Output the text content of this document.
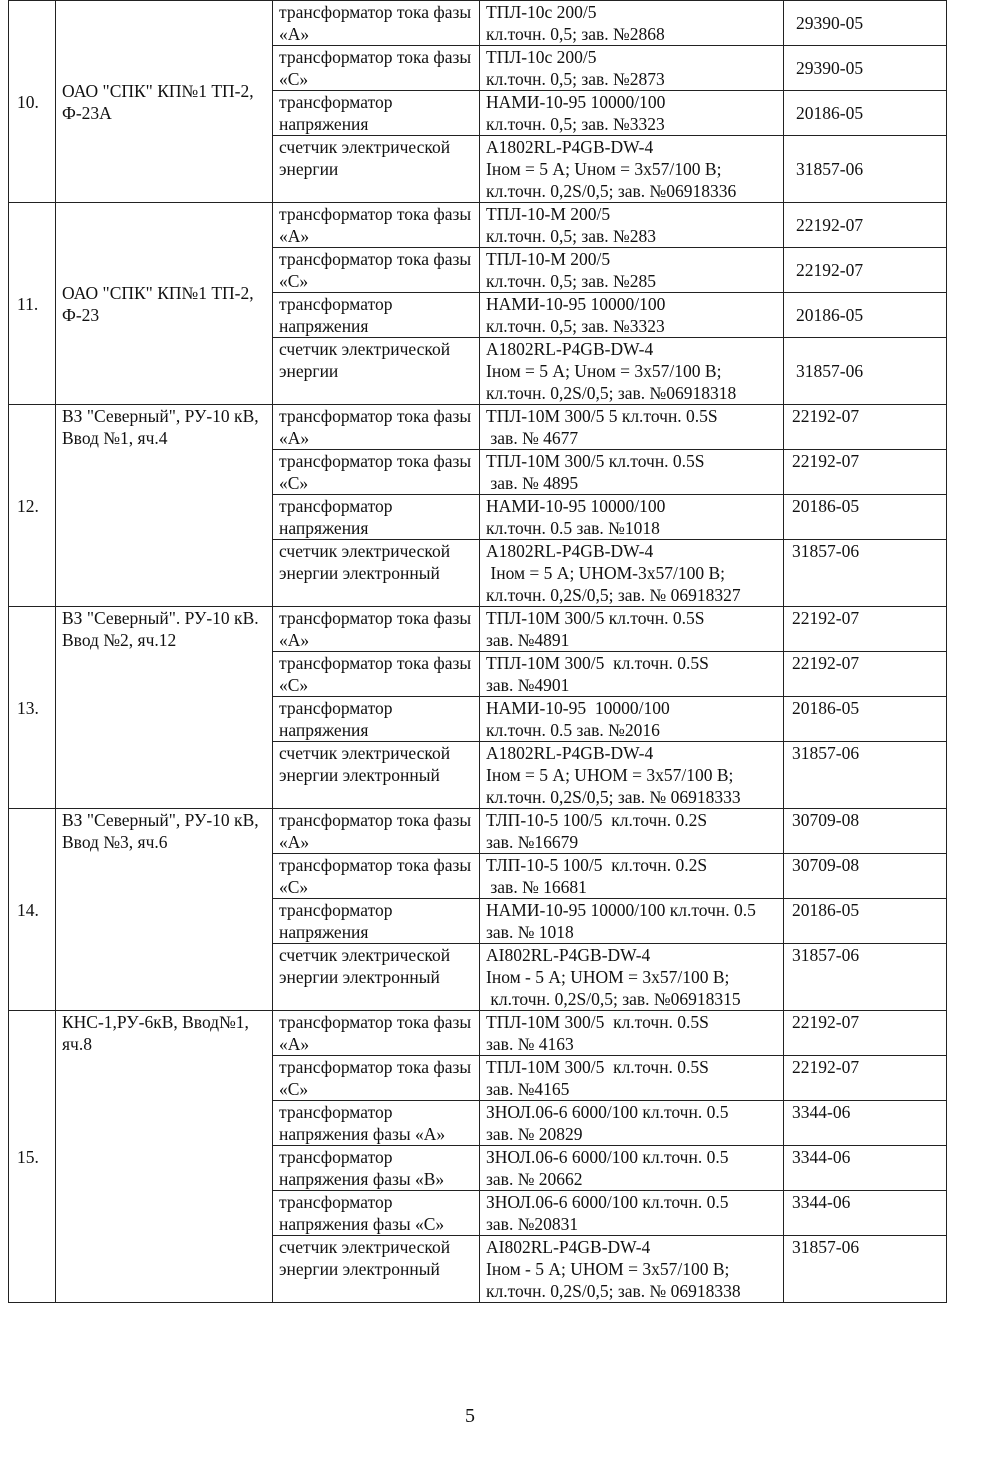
10.	ОАО "СПК" КП№1 ТП-2, Ф-23А	трансформатор тока фазы «А»	ТПЛ-10с 200/5
кл.точн. 0,5; зав. №2868	29390-05
		трансформатор тока фазы «С»	ТПЛ-10с 200/5
кл.точн. 0,5; зав. №2873	29390-05
		трансформатор напряжения	НАМИ-10-95 10000/100
кл.точн. 0,5; зав. №3323	20186-05
		счетчик электрической энергии	A1802RL-P4GB-DW-4
Iном = 5 А; Uном = 3x57/100 В;
кл.точн. 0,2S/0,5; зав. №06918336	31857-06
11.	ОАО "СПК" КП№1 ТП-2, Ф-23	трансформатор тока фазы «А»	ТПЛ-10-М 200/5
кл.точн. 0,5; зав. №283	22192-07
		трансформатор тока фазы «С»	ТПЛ-10-М 200/5
кл.точн. 0,5; зав. №285	22192-07
		трансформатор напряжения	НАМИ-10-95 10000/100
кл.точн. 0,5; зав. №3323	20186-05
		счетчик электрической энергии	A1802RL-P4GB-DW-4
Iном = 5 А; Uном = 3x57/100 В;
кл.точн. 0,2S/0,5; зав. №06918318	31857-06
12.	ВЗ "Северный", РУ-10 кВ, Ввод №1, яч.4	трансформатор тока фазы «А»	ТПЛ-10М 300/5 5 кл.точн. 0.5S
зав. № 4677	22192-07
		трансформатор тока фазы «С»	ТПЛ-10М 300/5 кл.точн. 0.5S
зав. № 4895	22192-07
		трансформатор напряжения	НАМИ-10-95 10000/100
кл.точн. 0.5 зав. №1018	20186-05
		счетчик электрической энергии электронный	A1802RL-P4GB-DW-4
Iном = 5 А; UНОМ-3x57/100 В;
кл.точн. 0,2S/0,5; зав. № 06918327	31857-06
13.	ВЗ "Северный". РУ-10 кВ. Ввод №2, яч.12	трансформатор тока фазы «А»	ТПЛ-10М 300/5 кл.точн. 0.5S
зав. №4891	22192-07
		трансформатор тока фазы «С»	ТПЛ-10М 300/5  кл.точн. 0.5S
зав. №4901	22192-07
		трансформатор напряжения	НАМИ-10-95  10000/100
кл.точн. 0.5 зав. №2016	20186-05
		счетчик электрической энергии электронный	A1802RL-P4GB-DW-4
Iном = 5 А; UНОМ = 3x57/100 В;
кл.точн. 0,2S/0,5; зав. № 06918333	31857-06
14.	ВЗ "Северный", РУ-10 кВ, Ввод №3, яч.6	трансформатор тока фазы «А»	ТЛП-10-5 100/5  кл.точн. 0.2S
зав. №16679	30709-08
		трансформатор тока фазы «С»	ТЛП-10-5 100/5  кл.точн. 0.2S
зав. № 16681	30709-08
		трансформатор напряжения	НАМИ-10-95 10000/100 кл.точн. 0.5
зав. № 1018	20186-05
		счетчик электрической энергии электронный	AI802RL-P4GB-DW-4
Iном - 5 А; UНОМ = 3x57/100 В;
кл.точн. 0,2S/0,5; зав. №06918315	31857-06
15.	КНС-1,РУ-6кВ, Ввод№1, яч.8	трансформатор тока фазы «А»	ТПЛ-10М 300/5  кл.точн. 0.5S
зав. № 4163	22192-07
		трансформатор тока фазы «С»	ТПЛ-10М 300/5  кл.точн. 0.5S
зав. №4165	22192-07
		трансформатор напряжения фазы «А»	ЗНОЛ.06-6 6000/100 кл.точн. 0.5
зав. № 20829	3344-06
		трансформатор напряжения фазы «В»	ЗНОЛ.06-6 6000/100 кл.точн. 0.5
зав. № 20662	3344-06
		трансформатор напряжения фазы «С»	ЗНОЛ.06-6 6000/100 кл.точн. 0.5
зав. №20831	3344-06
		счетчик электрической энергии электронный	AI802RL-P4GB-DW-4
Iном - 5 А; UНОМ = 3x57/100 В;
кл.точн. 0,2S/0,5; зав. № 06918338	31857-06
5
